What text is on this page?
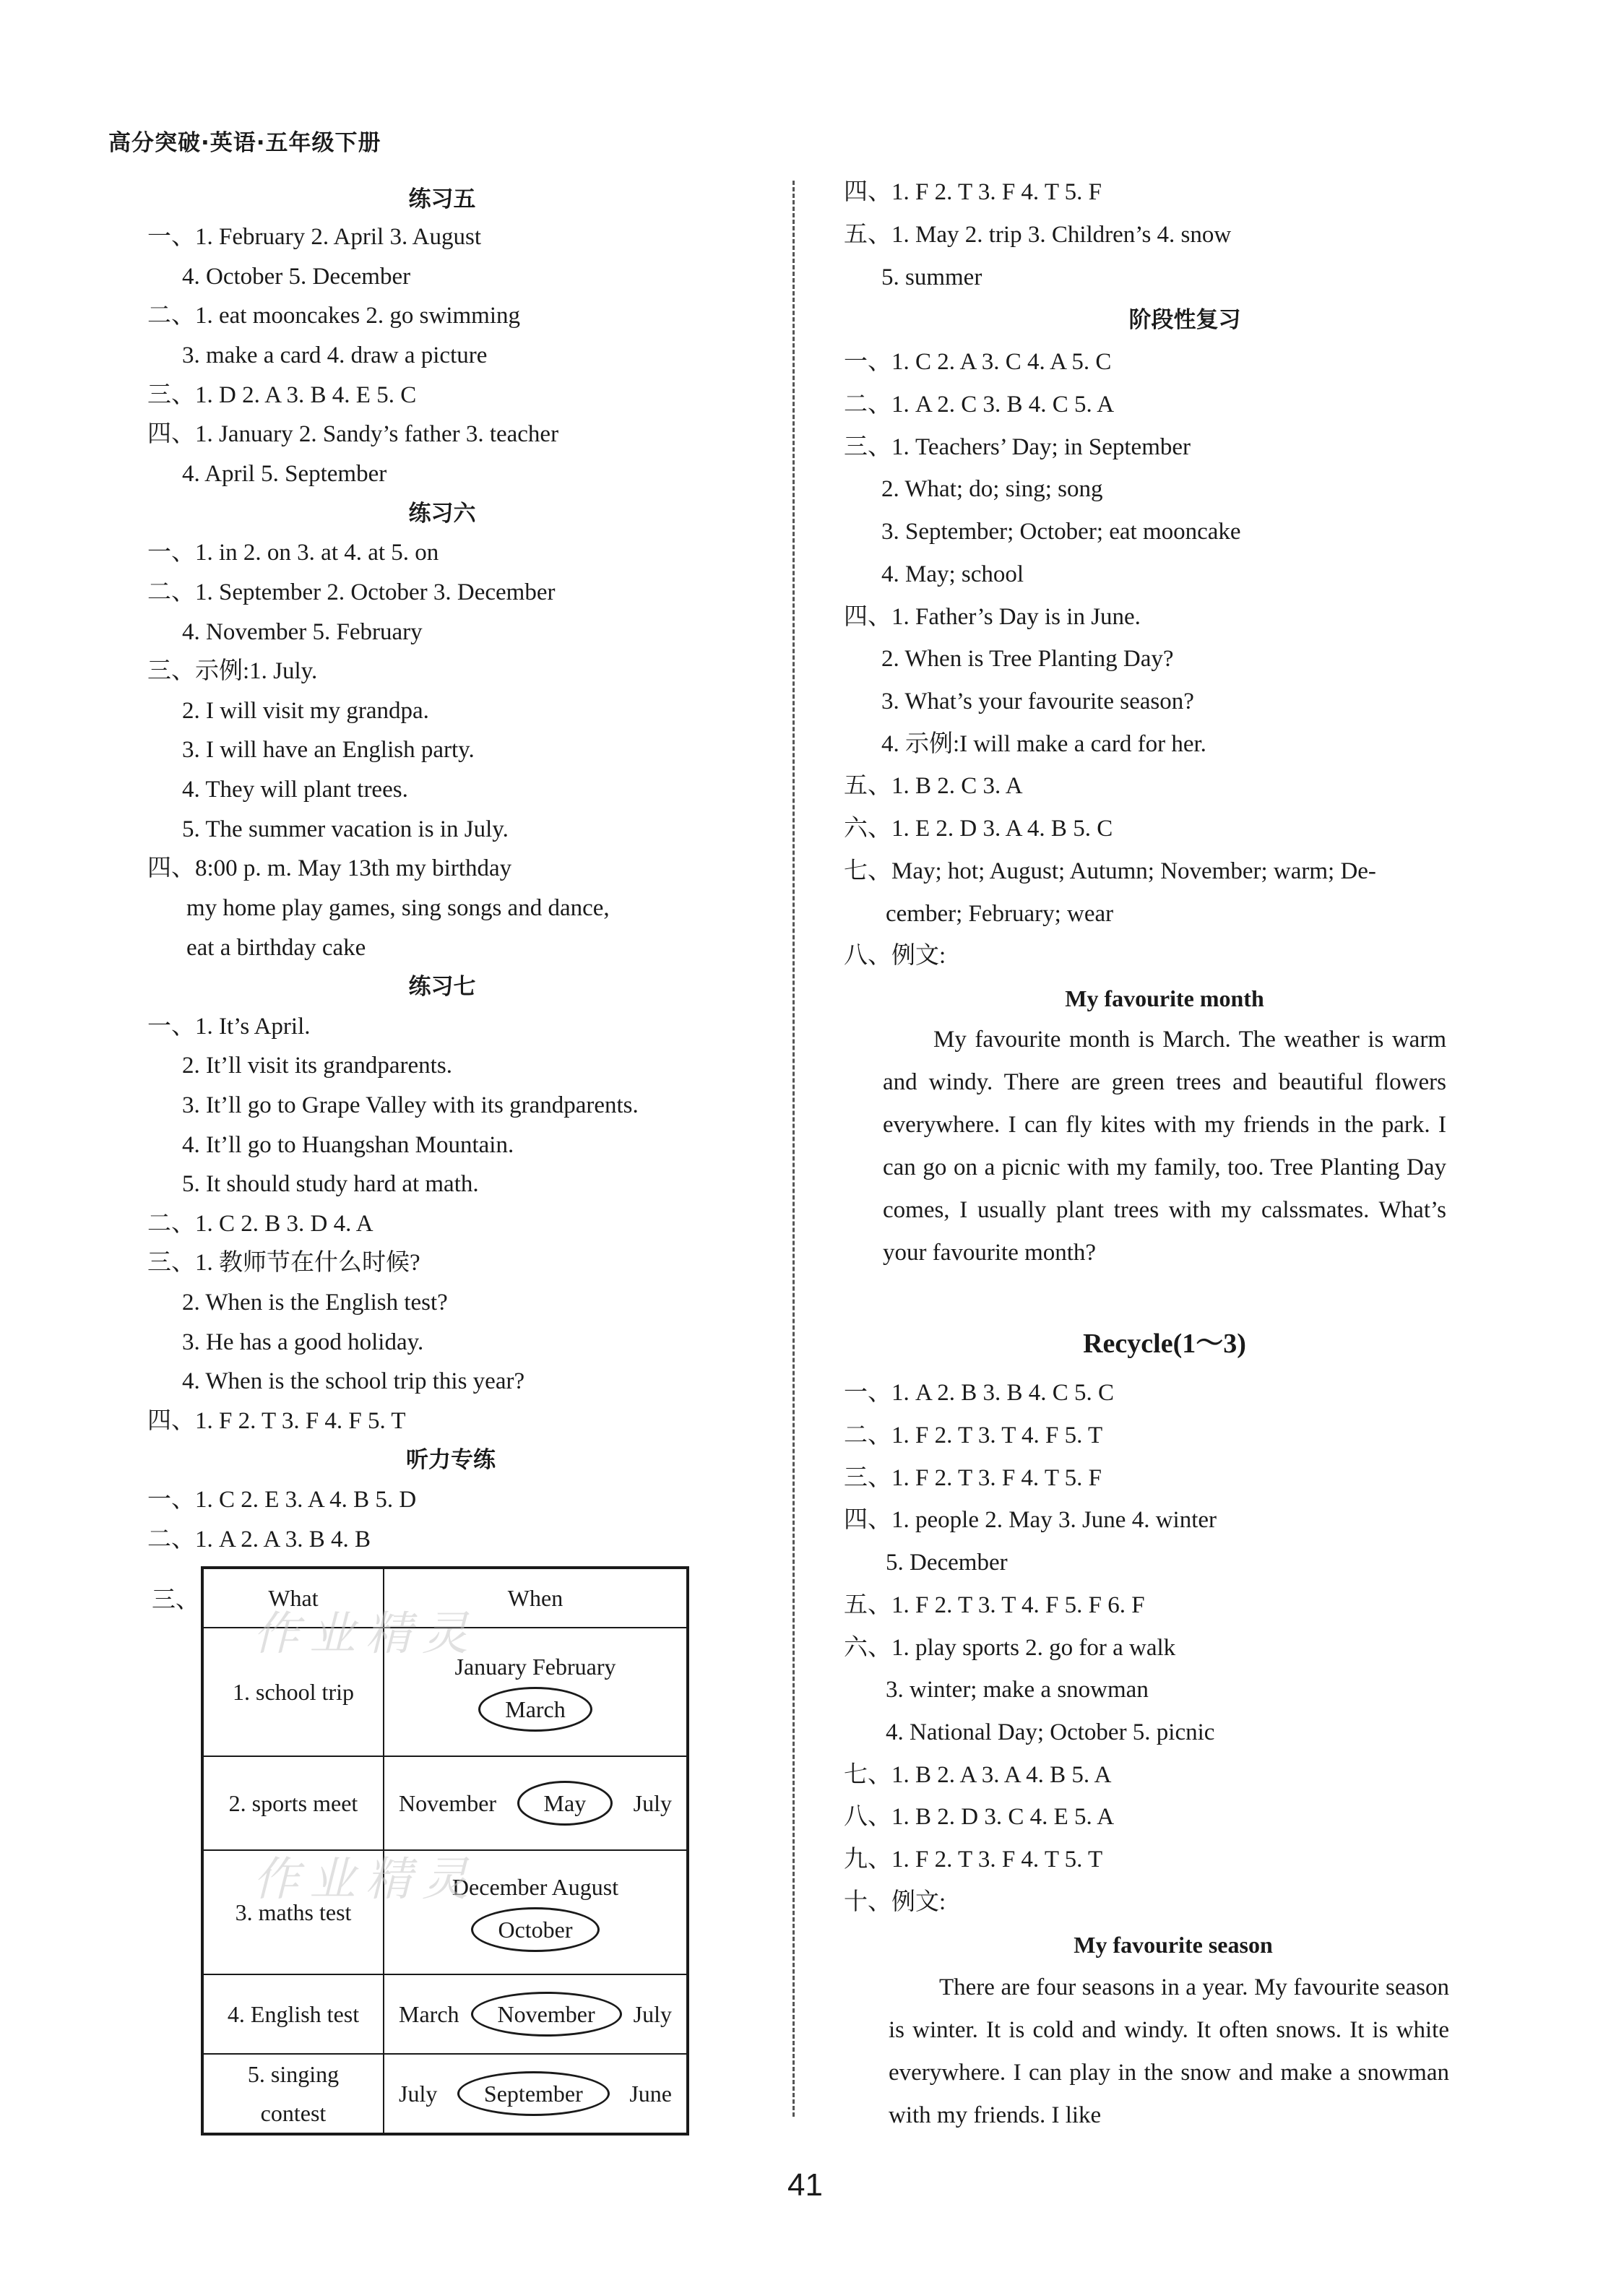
高分突破·英语·五年级下册
练习五
一、1. February 2. April 3. August
4. October 5. December
二、1. eat mooncakes 2. go swimming
3. make a card 4. draw a picture
三、1. D 2. A 3. B 4. E 5. C
四、1. January 2. Sandy’s father 3. teacher
4. April 5. September
练习六
一、1. in 2. on 3. at 4. at 5. on
二、1. September 2. October 3. December
4. November 5. February
三、示例:1. July.
2. I will visit my grandpa.
3. I will have an English party.
4. They will plant trees.
5. The summer vacation is in July.
四、8:00 p. m. May 13th my birthday
my home play games, sing songs and dance,
eat a birthday cake
练习七
一、1. It’s April.
2. It’ll visit its grandparents.
3. It’ll go to Grape Valley with its grandparents.
4. It’ll go to Huangshan Mountain.
5. It should study hard at math.
二、1. C 2. B 3. D 4. A
三、1. 教师节在什么时候?
2. When is the English test?
3. He has a good holiday.
4. When is the school trip this year?
四、1. F 2. T 3. F 4. F 5. T
听力专练
一、1. C 2. E 3. A 4. B 5. D
二、1. A 2. A 3. B 4. B
三、	What	When
1. school trip	January February
March

2. sports meet	November May July

3. maths test	December August
October

4. English test	March November July

5. singing contest	July September June
作业精灵
作业精灵
四、1. F 2. T 3. F 4. T 5. F
五、1. May 2. trip 3. Children’s 4. snow
5. summer
阶段性复习
一、1. C 2. A 3. C 4. A 5. C
二、1. A 2. C 3. B 4. C 5. A
三、1. Teachers’ Day; in September
2. What; do; sing; song
3. September; October; eat mooncake
4. May; school
四、1. Father’s Day is in June.
2. When is Tree Planting Day?
3. What’s your favourite season?
4. 示例:I will make a card for her.
五、1. B 2. C 3. A
六、1. E 2. D 3. A 4. B 5. C
七、May; hot; August; Autumn; November; warm; De-
cember; February; wear
八、例文:
My favourite month
Recycle(1～3)
一、1. A 2. B 3. B 4. C 5. C
二、1. F 2. T 3. T 4. F 5. T
三、1. F 2. T 3. F 4. T 5. F
四、1. people 2. May 3. June 4. winter
5. December
五、1. F 2. T 3. T 4. F 5. F 6. F
六、1. play sports 2. go for a walk
3. winter; make a snowman
4. National Day; October 5. picnic
七、1. B 2. A 3. A 4. B 5. A
八、1. B 2. D 3. C 4. E 5. A
九、1. F 2. T 3. F 4. T 5. T
十、例文:
My favourite season
My favourite month is March. The weather is warm and windy. There are green trees and beautiful flowers everywhere. I can fly kites with my friends in the park. I can go on a picnic with my family, too. Tree Planting Day comes, I usually plant trees with my calssmates. What’s your favourite month?
There are four seasons in a year. My favourite season is winter. It is cold and windy. It often snows. It is white everywhere. I can play in the snow and make a snowman with my friends. I like
41
